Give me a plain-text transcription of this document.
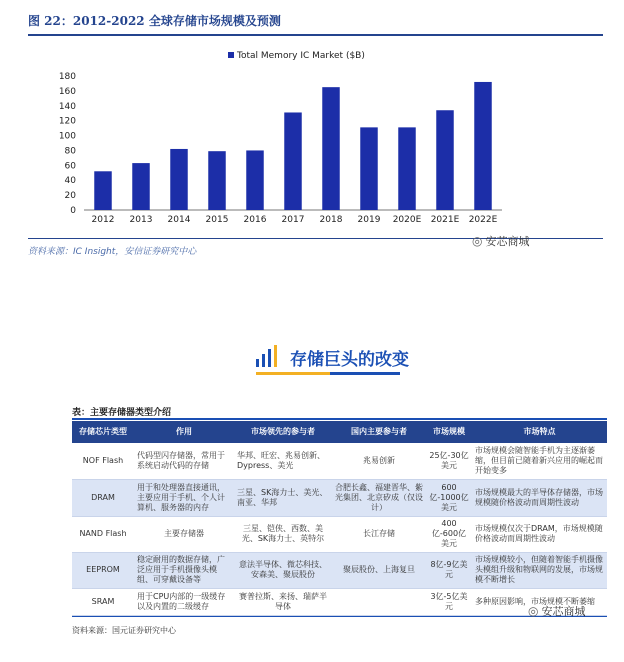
图 22：2012-2022 全球存储市场规模及预测
0
20
40
60
80
100
120
140
160
180
2012 2013 2014 2015 2016 2017 2018 2019 2020E 2021E 2022E
Total Memory IC Market ($B)
资料来源：IC Insight，安信证券研究中心
◎ 安芯商城
存储巨头的改变
表：主要存储器类型介绍
存储芯片类型	作用	市场领先的参与者	国内主要参与者	市场规模	市场特点
NOF Flash	代码型闪存储器，常用于系统启动代码的存储	华邦、旺宏、兆易创新、Dypress、美光	兆易创新	25亿-30亿美元	市场规模会随智能手机为主逐渐萎缩，但目前已随着新兴应用的崛起而开始变多
DRAM	用于和处理器直接通讯，主要应用于手机、个人计算机、服务器的内存	三星、SK海力士、美光、南亚、华邦	合肥长鑫、福建晋华、紫光集团、北京矽成（仅设计）	600亿-1000亿美元	市场规模最大的半导体存储器，市场规模随价格波动而周期性波动
NAND Flash	主要存储器	三星、铠侠、西数、美光、SK海力士、英特尔	长江存储	400亿-600亿美元	市场规模仅次于DRAM，市场规模随价格波动而周期性波动
EEPROM	稳定耐用的数据存储，广泛应用于手机摄像头模组、可穿戴设备等	意法半导体、微芯科技、安森美、聚辰股份	聚辰股份、上海复旦	8亿-9亿美元	市场规模较小，但随着智能手机摄像头模组升级和物联网的发展，市场规模不断增长
SRAM	用于CPU内部的一级缓存以及内置的二级缓存	赛普拉斯、来扬、瑞萨半导体		3亿-5亿美元	多种原因影响，市场规模不断萎缩
资料来源：国元证券研究中心
◎ 安芯商城
